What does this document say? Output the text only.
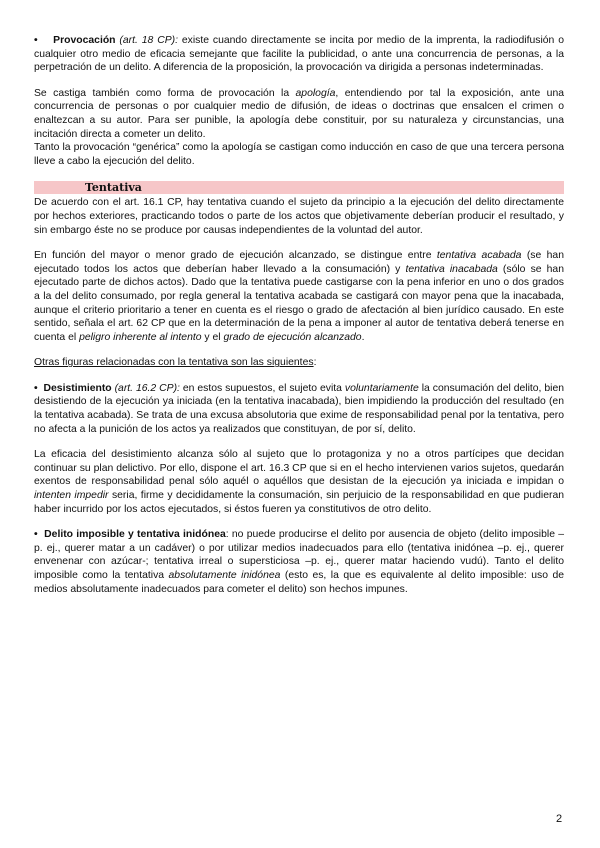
• Provocación (art. 18 CP): existe cuando directamente se incita por medio de la imprenta, la radiodifusión o cualquier otro medio de eficacia semejante que facilite la publicidad, o ante una concurrencia de personas, a la perpetración de un delito. A diferencia de la proposición, la provocación va dirigida a personas indeterminadas.

Se castiga también como forma de provocación la apología, entendiendo por tal la exposición, ante una concurrencia de personas o por cualquier medio de difusión, de ideas o doctrinas que ensalcen el crimen o enaltezcan a su autor. Para ser punible, la apología debe constituir, por su naturaleza y circunstancias, una incitación directa a cometer un delito.

Tanto la provocación “genérica” como la apología se castigan como inducción en caso de que una tercera persona lleve a cabo la ejecución del delito.

Tentativa

De acuerdo con el art. 16.1 CP, hay tentativa cuando el sujeto da principio a la ejecución del delito directamente por hechos exteriores, practicando todos o parte de los actos que objetivamente deberían producir el resultado, y sin embargo éste no se produce por causas independientes de la voluntad del autor.

En función del mayor o menor grado de ejecución alcanzado, se distingue entre tentativa acabada (se han ejecutado todos los actos que deberían haber llevado a la consumación) y tentativa inacabada (sólo se han ejecutado parte de dichos actos). Dado que la tentativa puede castigarse con la pena inferior en uno o dos grados a la del delito consumado, por regla general la tentativa acabada se castigará con mayor pena que la inacabada, aunque el criterio prioritario a tener en cuenta es el riesgo o grado de afectación al bien jurídico causado. En este sentido, señala el art. 62 CP que en la determinación de la pena a imponer al autor de tentativa deberá tenerse en cuenta el peligro inherente al intento y el grado de ejecución alcanzado.

Otras figuras relacionadas con la tentativa son las siguientes:

• Desistimiento (art. 16.2 CP): en estos supuestos, el sujeto evita voluntariamente la consumación del delito, bien desistiendo de la ejecución ya iniciada (en la tentativa inacabada), bien impidiendo la producción del resultado (en la tentativa acabada). Se trata de una excusa absolutoria que exime de responsabilidad penal por la tentativa, pero no afecta a la punición de los actos ya realizados que constituyan, de por sí, delito.

La eficacia del desistimiento alcanza sólo al sujeto que lo protagoniza y no a otros partícipes que decidan continuar su plan delictivo. Por ello, dispone el art. 16.3 CP que si en el hecho intervienen varios sujetos, quedarán exentos de responsabilidad penal sólo aquél o aquéllos que desistan de la ejecución ya iniciada e impidan o intenten impedir seria, firme y decididamente la consumación, sin perjuicio de la responsabilidad en que pudieran haber incurrido por los actos ejecutados, si éstos fueren ya constitutivos de otro delito.

• Delito imposible y tentativa inidónea: no puede producirse el delito por ausencia de objeto (delito imposible –p. ej., querer matar a un cadáver) o por utilizar medios inadecuados para ello (tentativa inidónea –p. ej., querer envenenar con azúcar-; tentativa irreal o supersticiosa –p. ej., querer matar haciendo vudú). Tanto el delito imposible como la tentativa absolutamente inidónea (esto es, la que es equivalente al delito imposible: uso de medios absolutamente inadecuados para cometer el delito) son hechos impunes.

2
